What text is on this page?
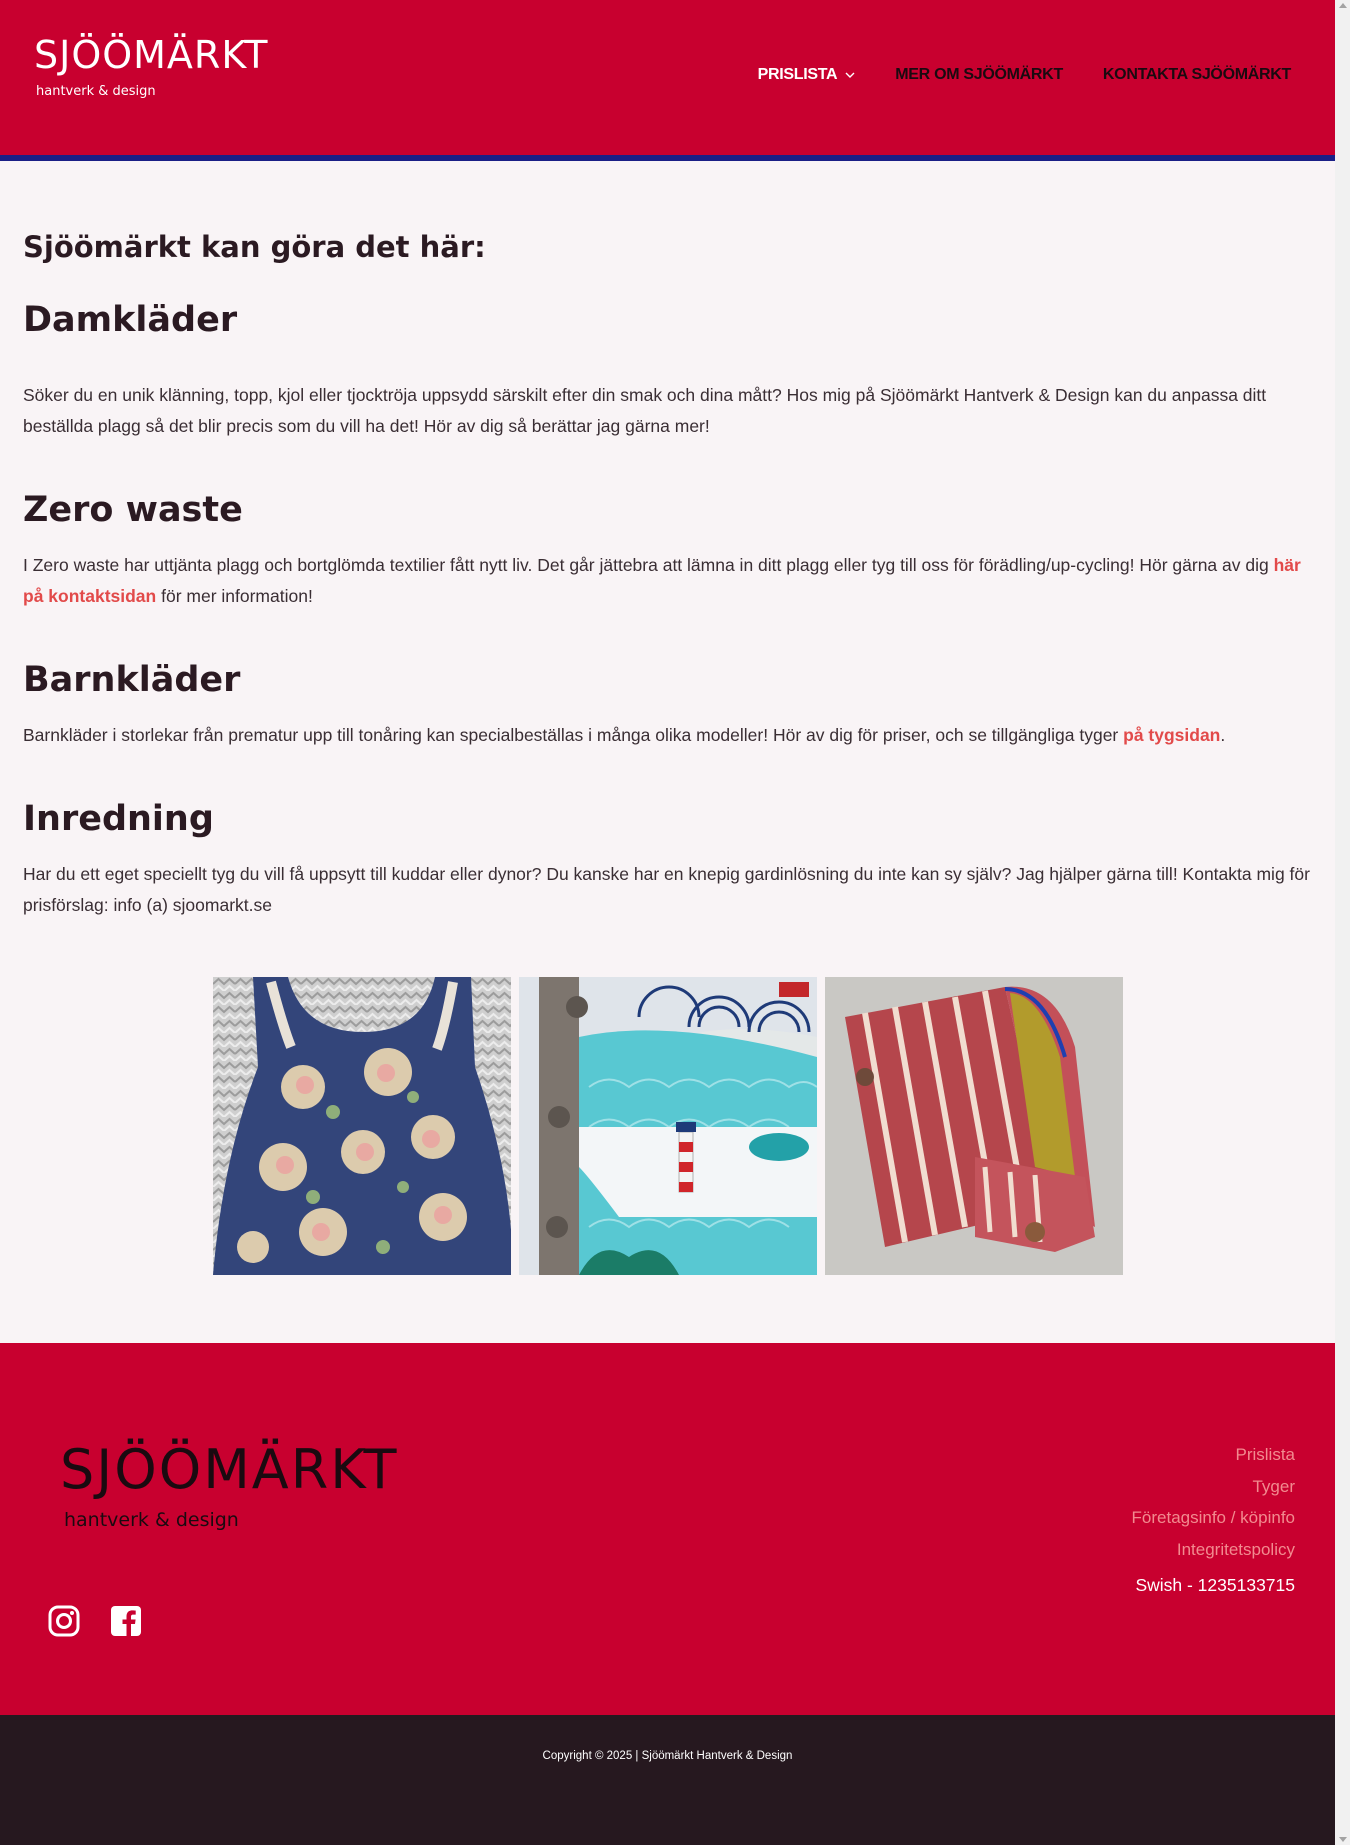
SJÖÖMÄRKT
hantverk & design
PRISLISTA	MER OM SJÖÖMÄRKT	KONTAKTA SJÖÖMÄRKT
Sjöömärkt kan göra det här:
Damkläder

Söker du en unik klänning, topp, kjol eller tjocktröja uppsydd särskilt efter din smak och dina mått? Hos mig på Sjöömärkt Hantverk & Design kan du anpassa ditt beställda plagg så det blir precis som du vill ha det! Hör av dig så berättar jag gärna mer!

Zero waste

I Zero waste har uttjänta plagg och bortglömda textilier fått nytt liv. Det går jättebra att lämna in ditt plagg eller tyg till oss för förädling/up-cycling! Hör gärna av dig här på kontaktsidan för mer information!

Barnkläder

Barnkläder i storlekar från prematur upp till tonåring kan specialbeställas i många olika modeller! Hör av dig för priser, och se tillgängliga tyger på tygsidan.

Inredning

Har du ett eget speciellt tyg du vill få uppsytt till kuddar eller dynor? Du kanske har en knepig gardinlösning du inte kan sy själv? Jag hjälper gärna till! Kontakta mig för prisförslag: info (a) sjoomarkt.se

SJÖÖMÄRKT
hantverk & design
Prislista
Tyger
Företagsinfo / köpinfo
Integritetspolicy
Swish - 1235133715
Copyright © 2025 | Sjöömärkt Hantverk & Design
